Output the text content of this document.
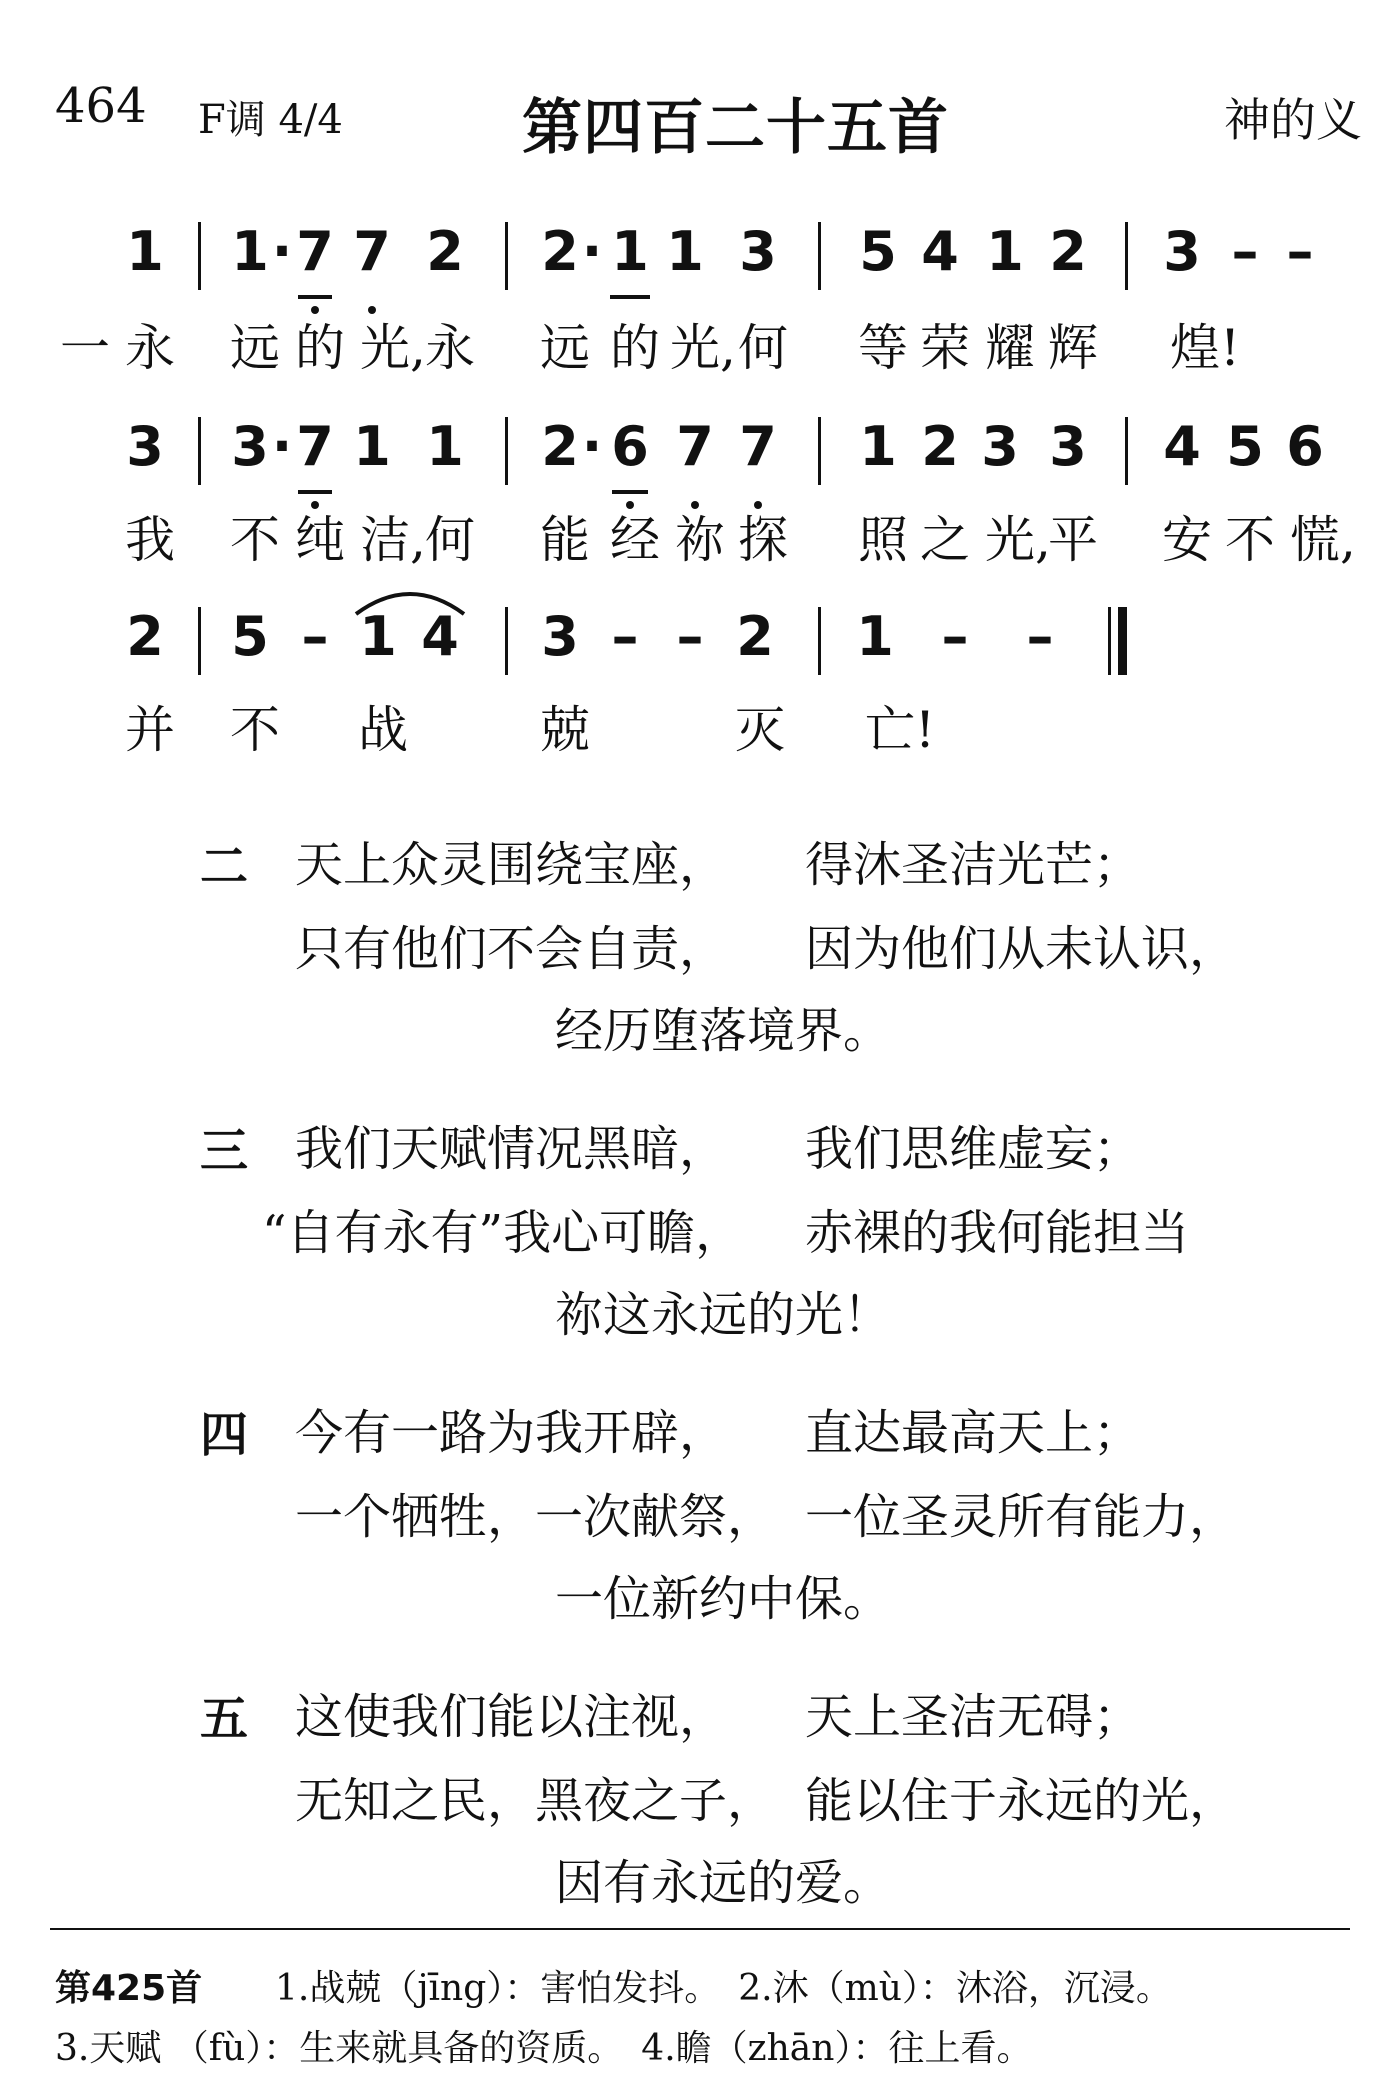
464 F调 4/4	第四百二十五首	神的义
1 1 · 7 7 2 2 · 1 1 3 5 4 1 2 3 – –
一 永 远 的 光, 永 远 的 光, 何 等 荣 耀 辉 煌!
3 3 · 7 1 1 2 · 6 7 7 1 2 3 3 4 5 6
我 不 纯 洁, 何 能 经 祢 探 照 之 光,
平 安 不 慌,
2 5 – 1 4 3 – – 2 1 – –
并 不 战	兢	灭 亡!
二 天上众灵围绕宝座， 得沐圣洁光芒；
只有他们不会自责， 因为他们从未认识，
经历堕落境界。
三 我们天赋情况黑暗， 我们思维虚妄；
“自有永有”我心可瞻， 赤裸的我何能担当
祢这永远的光！
四 今有一路为我开辟， 直达最高天上；
一个牺牲，一次献祭， 一位圣灵所有能力，
一位新约中保。
五 这使我们能以注视， 天上圣洁无碍；
无知之民，黑夜之子， 能以住于永远的光，
因有永远的爱。
第425首 1.战兢（jīng）：害怕发抖。　2.沐（mù）：沐浴，沉浸。
3.天赋 （fù）：生来就具备的资质。　4.瞻（zhān）：往上看。
